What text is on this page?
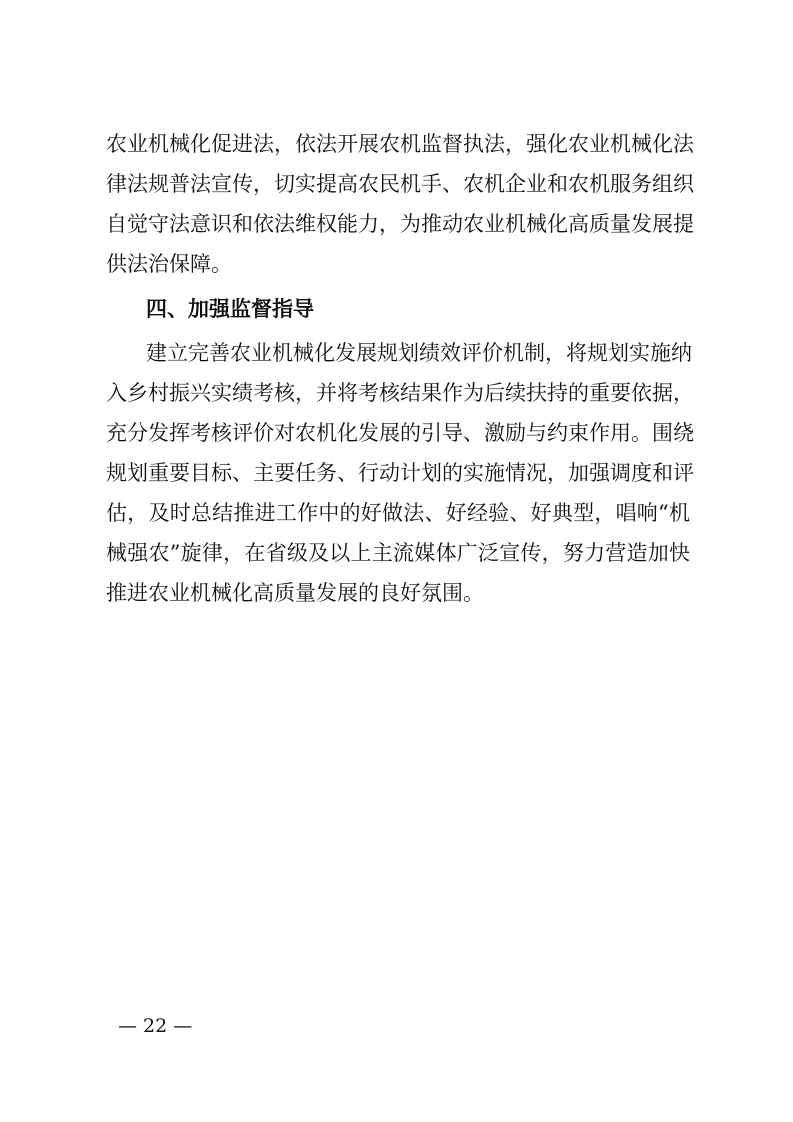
农业机械化促进法，依法开展农机监督执法，强化农业机械化法
律法规普法宣传，切实提高农民机手、农机企业和农机服务组织
自觉守法意识和依法维权能力，为推动农业机械化高质量发展提
供法治保障。
四、加强监督指导
建立完善农业机械化发展规划绩效评价机制，将规划实施纳
入乡村振兴实绩考核，并将考核结果作为后续扶持的重要依据，
充分发挥考核评价对农机化发展的引导、激励与约束作用。围绕
规划重要目标、主要任务、行动计划的实施情况，加强调度和评
估，及时总结推进工作中的好做法、好经验、好典型，唱响“机
械强农”旋律，在省级及以上主流媒体广泛宣传，努力营造加快
推进农业机械化高质量发展的良好氛围。
— 22 —
